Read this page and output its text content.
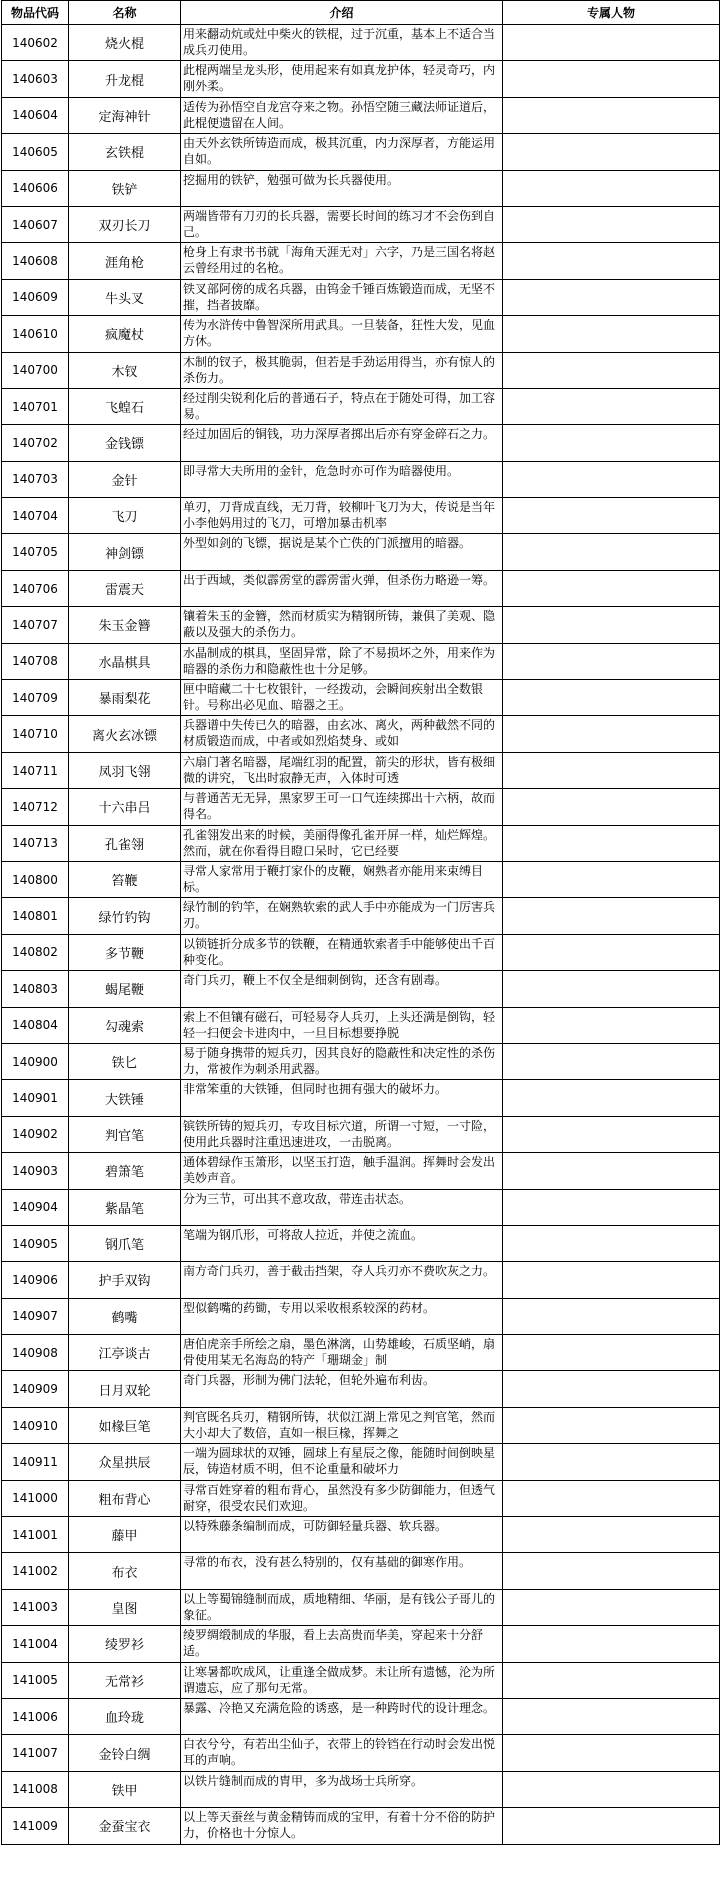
物品代码	名称	介绍	专属人物
140602	烧火棍	用来翻动炕或灶中柴火的铁棍，过于沉重，基本上不适合当成兵刃使用。	

140603	升龙棍	此棍两端呈龙头形，使用起来有如真龙护体，轻灵奇巧，内刚外柔。	

140604	定海神针	适传为孙悟空自龙宫夺来之物。孙悟空随三藏法师证道后，此棍便遗留在人间。	

140605	玄铁棍	由天外玄铁所铸造而成，极其沉重，内力深厚者，方能运用自如。	

140606	铁铲	挖掘用的铁铲，勉强可做为长兵器使用。	

140607	双刃长刀	两端皆带有刀刃的长兵器，需要长时间的练习才不会伤到自己。	

140608	涯角枪	枪身上有隶书书就「海角天涯无对」六字，乃是三国名将赵云曾经用过的名枪。	

140609	牛头叉	铁叉部阿傍的成名兵器，由钨金千锤百炼锻造而成，无坚不摧，挡者披靡。	

140610	疯魔杖	传为水浒传中鲁智深所用武具。一旦装备，狂性大发，见血方休。	

140700	木钗	木制的钗子，极其脆弱，但若是手劲运用得当，亦有惊人的杀伤力。	

140701	飞蝗石	经过削尖锐利化后的普通石子，特点在于随处可得，加工容易。	

140702	金钱镖	经过加固后的铜钱，功力深厚者掷出后亦有穿金碎石之力。	

140703	金针	即寻常大夫所用的金针，危急时亦可作为暗器使用。	

140704	飞刀	单刃，刀背成直线，无刀背，较柳叶飞刀为大，传说是当年小李他妈用过的飞刀，可增加暴击机率	

140705	神剑镖	外型如剑的飞镖，据说是某个亡佚的门派擅用的暗器。	

140706	雷震天	出于西域，类似霹雳堂的霹雳雷火弹，但杀伤力略逊一筹。	

140707	朱玉金簪	镶着朱玉的金簪，然而材质实为精钢所铸，兼俱了美观、隐蔽以及强大的杀伤力。	

140708	水晶棋具	水晶制成的棋具，坚固异常，除了不易损坏之外，用来作为暗器的杀伤力和隐蔽性也十分足够。	

140709	暴雨梨花	匣中暗藏二十七枚银针，一经拨动，会瞬间疾射出全数银针。号称出必见血、暗器之王。	

140710	离火玄冰镖	兵器谱中失传已久的暗器，由玄冰、离火，两种截然不同的材质锻造而成，中者或如烈焰焚身、或如	

140711	凤羽飞翎	六扇门著名暗器，尾端红羽的配置，箭尖的形状，皆有极细微的讲究，飞出时寂静无声，入体时可透	

140712	十六串吕	与普通苦无无异，黑家罗王可一口气连续掷出十六柄，故而得名。	

140713	孔雀翎	孔雀翎发出来的时候，美丽得像孔雀开屏一样，灿烂辉煌。然而，就在你看得目瞪口呆时，它已经要	

140800	笞鞭	寻常人家常用于鞭打家仆的皮鞭，娴熟者亦能用来束缚目标。	

140801	绿竹钓钩	绿竹制的钓竿，在娴熟软索的武人手中亦能成为一门厉害兵刃。	

140802	多节鞭	以锁链折分成多节的铁鞭，在精通软索者手中能够使出千百种变化。	

140803	蝎尾鞭	奇门兵刃，鞭上不仅全是细刺倒钩，还含有剧毒。	

140804	勾魂索	索上不但镶有磁石，可轻易夺人兵刃，上头还满是倒钩，轻轻一扫便会卡进肉中，一旦目标想要挣脱	

140900	铁匕	易于随身携带的短兵刃，因其良好的隐蔽性和决定性的杀伤力，常被作为刺杀用武器。	

140901	大铁锤	非常笨重的大铁锤，但同时也拥有强大的破坏力。	

140902	判官笔	镔铁所铸的短兵刃，专攻目标穴道，所谓一寸短，一寸险，使用此兵器时注重迅速进攻，一击脱离。	

140903	碧箫笔	通体碧绿作玉箫形，以坚玉打造，触手温润。挥舞时会发出美妙声音。	

140904	紫晶笔	分为三节，可出其不意攻敌，带连击状态。	

140905	钢爪笔	笔端为钢爪形，可将敌人拉近，并使之流血。	

140906	护手双钩	南方奇门兵刃，善于截击挡架，夺人兵刃亦不费吹灰之力。	

140907	鹤嘴	型似鹤嘴的药锄，专用以采收根系较深的药材。	

140908	江亭谈古	唐伯虎亲手所绘之扇，墨色淋漓，山势雄峻，石质坚峭，扇骨使用某无名海岛的特产「珊瑚金」制	

140909	日月双轮	奇门兵器，形制为佛门法轮，但轮外遍布利齿。	

140910	如椽巨笔	判官既名兵刃，精钢所铸，状似江湖上常见之判官笔，然而大小却大了数倍，直如一根巨椽，挥舞之	

140911	众星拱辰	一端为圆球状的双锤，圆球上有星辰之像，能随时间倒映星辰，铸造材质不明，但不论重量和破坏力	

141000	粗布背心	寻常百姓穿着的粗布背心，虽然没有多少防御能力，但透气耐穿，很受农民们欢迎。	

141001	藤甲	以特殊藤条编制而成，可防御轻量兵器、软兵器。	

141002	布衣	寻常的布衣，没有甚么特别的，仅有基础的御寒作用。	

141003	皇图	以上等蜀锦缝制而成，质地精细、华丽，是有钱公子哥儿的象征。	

141004	绫罗衫	绫罗绸缎制成的华服，看上去高贵而华美，穿起来十分舒适。	

141005	无常衫	让寒暑都吹成风，让重逢全做成梦。未让所有遗憾，沦为所谓遗忘，应了那句无常。	

141006	血玲珑	暴露、冷艳又充满危险的诱惑，是一种跨时代的设计理念。	

141007	金铃白绸	白衣兮兮，有若出尘仙子，衣带上的铃铛在行动时会发出悦耳的声响。	

141008	铁甲	以铁片缝制而成的胄甲，多为战场士兵所穿。	

141009	金蚕宝衣	以上等天蚕丝与黄金精铸而成的宝甲，有着十分不俗的防护力，价格也十分惊人。	
